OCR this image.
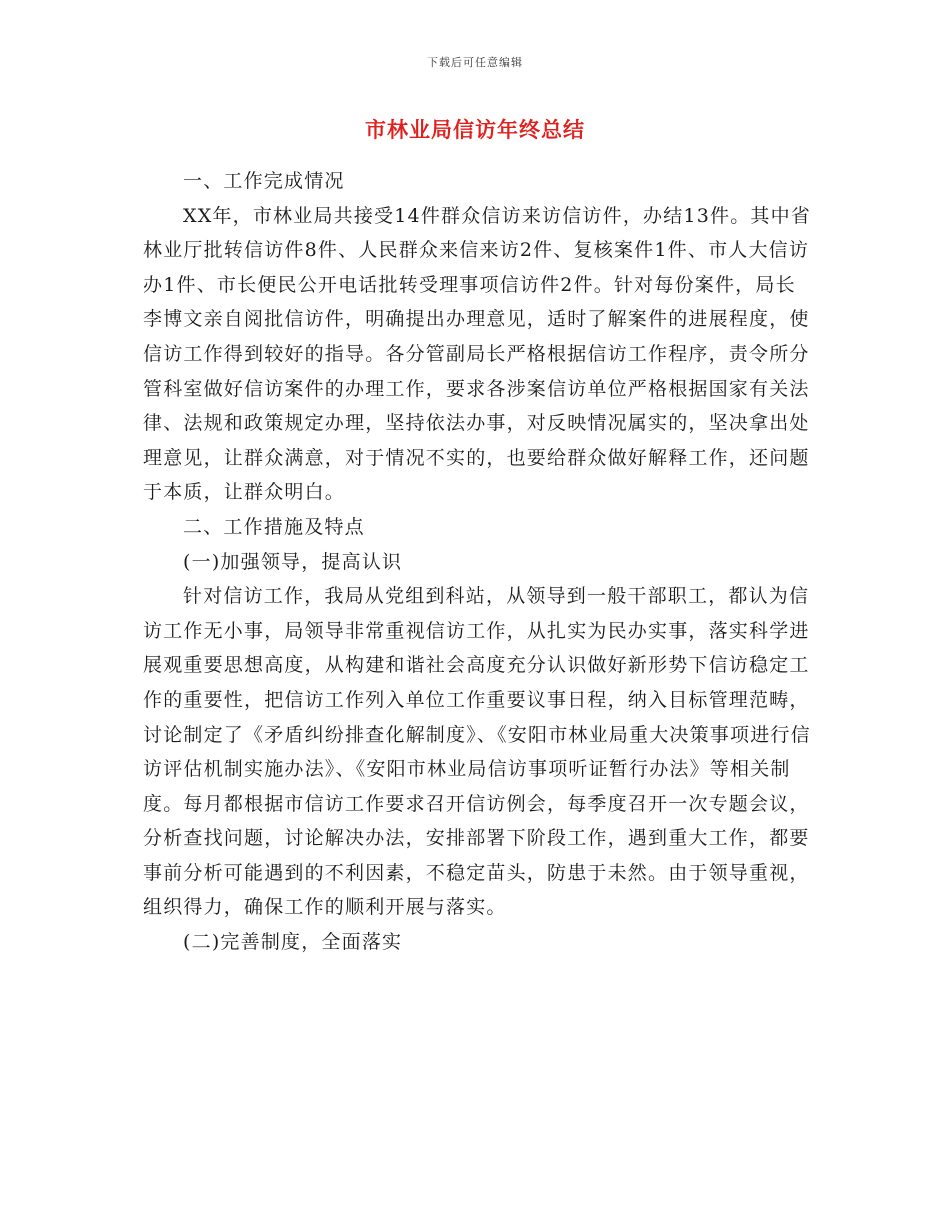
下载后可任意编辑
市林业局信访年终总结

一、工作完成情况

XX年，市林业局共接受14件群众信访来访信访件，办结13件。其中省林业厅批转信访件8件、人民群众来信来访2件、复核案件1件、市人大信访办1件、市长便民公开电话批转受理事项信访件2件。针对每份案件，局长李博文亲自阅批信访件，明确提出办理意见，适时了解案件的进展程度，使信访工作得到较好的指导。各分管副局长严格根据信访工作程序，责令所分管科室做好信访案件的办理工作，要求各涉案信访单位严格根据国家有关法律、法规和政策规定办理，坚持依法办事，对反映情况属实的，坚决拿出处理意见，让群众满意，对于情况不实的，也要给群众做好解释工作，还问题于本质，让群众明白。

二、工作措施及特点

(一)加强领导，提高认识

针对信访工作，我局从党组到科站，从领导到一般干部职工，都认为信访工作无小事，局领导非常重视信访工作，从扎实为民办实事，落实科学进展观重要思想高度，从构建和谐社会高度充分认识做好新形势下信访稳定工作的重要性，把信访工作列入单位工作重要议事日程，纳入目标管理范畴，讨论制定了《矛盾纠纷排查化解制度》、《安阳市林业局重大决策事项进行信访评估机制实施办法》、《安阳市林业局信访事项听证暂行办法》等相关制度。每月都根据市信访工作要求召开信访例会，每季度召开一次专题会议，分析查找问题，讨论解决办法，安排部署下阶段工作，遇到重大工作，都要事前分析可能遇到的不利因素，不稳定苗头，防患于未然。由于领导重视，组织得力，确保工作的顺利开展与落实。

(二)完善制度，全面落实
